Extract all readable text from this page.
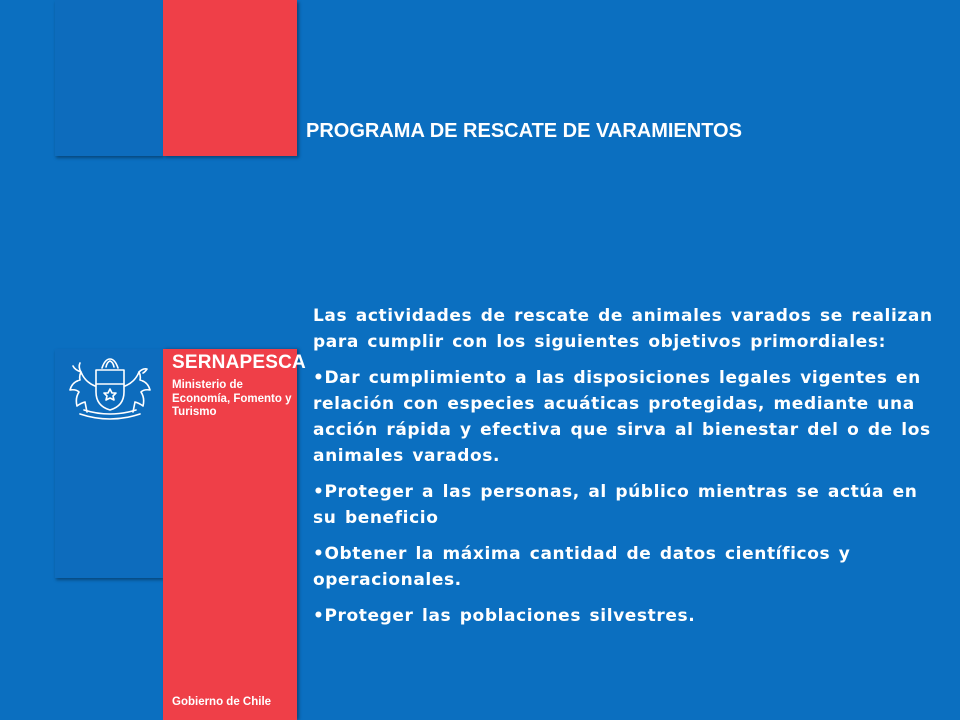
SERNAPESCA
Ministerio de Economía, Fomento y Turismo
Gobierno de Chile
PROGRAMA DE RESCATE DE VARAMIENTOS

Las actividades de rescate de animales varados se realizan para cumplir con los siguientes objetivos primordiales:

•Dar cumplimiento a las disposiciones legales vigentes en relación con especies acuáticas protegidas, mediante una acción rápida y efectiva que sirva al bienestar del o de los animales varados.

•Proteger a las personas, al público mientras se actúa en su beneficio

•Obtener la máxima cantidad de datos científicos y operacionales.

•Proteger las poblaciones silvestres.
